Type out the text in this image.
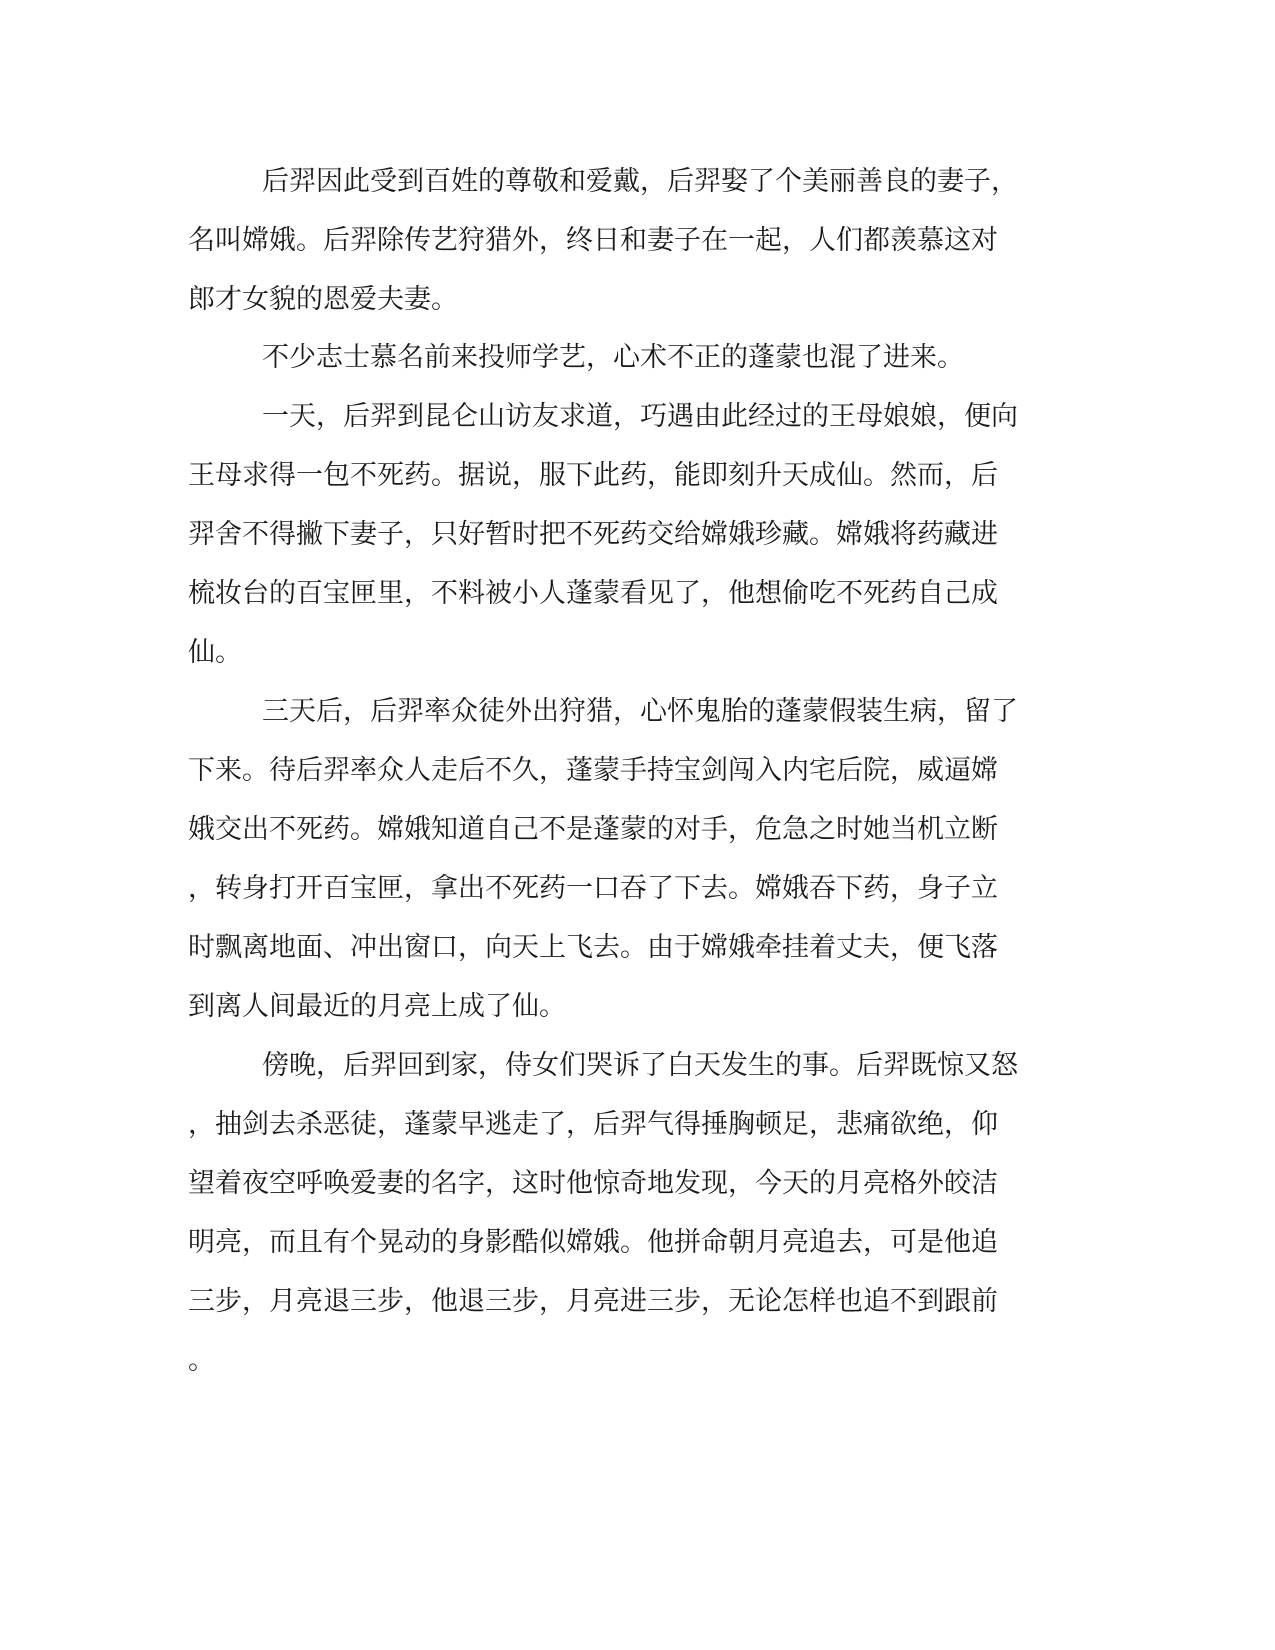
后羿因此受到百姓的尊敬和爱戴，后羿娶了个美丽善良的妻子，

名叫嫦娥。后羿除传艺狩猎外，终日和妻子在一起，人们都羡慕这对

郎才女貌的恩爱夫妻。

不少志士慕名前来投师学艺，心术不正的蓬蒙也混了进来。

一天，后羿到昆仑山访友求道，巧遇由此经过的王母娘娘，便向

王母求得一包不死药。据说，服下此药，能即刻升天成仙。然而，后

羿舍不得撇下妻子，只好暂时把不死药交给嫦娥珍藏。嫦娥将药藏进

梳妆台的百宝匣里，不料被小人蓬蒙看见了，他想偷吃不死药自己成

仙。

三天后，后羿率众徒外出狩猎，心怀鬼胎的蓬蒙假装生病，留了

下来。待后羿率众人走后不久，蓬蒙手持宝剑闯入内宅后院，威逼嫦

娥交出不死药。嫦娥知道自己不是蓬蒙的对手，危急之时她当机立断

，转身打开百宝匣，拿出不死药一口吞了下去。嫦娥吞下药，身子立

时飘离地面、冲出窗口，向天上飞去。由于嫦娥牵挂着丈夫，便飞落

到离人间最近的月亮上成了仙。

傍晚，后羿回到家，侍女们哭诉了白天发生的事。后羿既惊又怒

，抽剑去杀恶徒，蓬蒙早逃走了，后羿气得捶胸顿足，悲痛欲绝，仰

望着夜空呼唤爱妻的名字，这时他惊奇地发现，今天的月亮格外皎洁

明亮，而且有个晃动的身影酷似嫦娥。他拼命朝月亮追去，可是他追

三步，月亮退三步，他退三步，月亮进三步，无论怎样也追不到跟前

。
